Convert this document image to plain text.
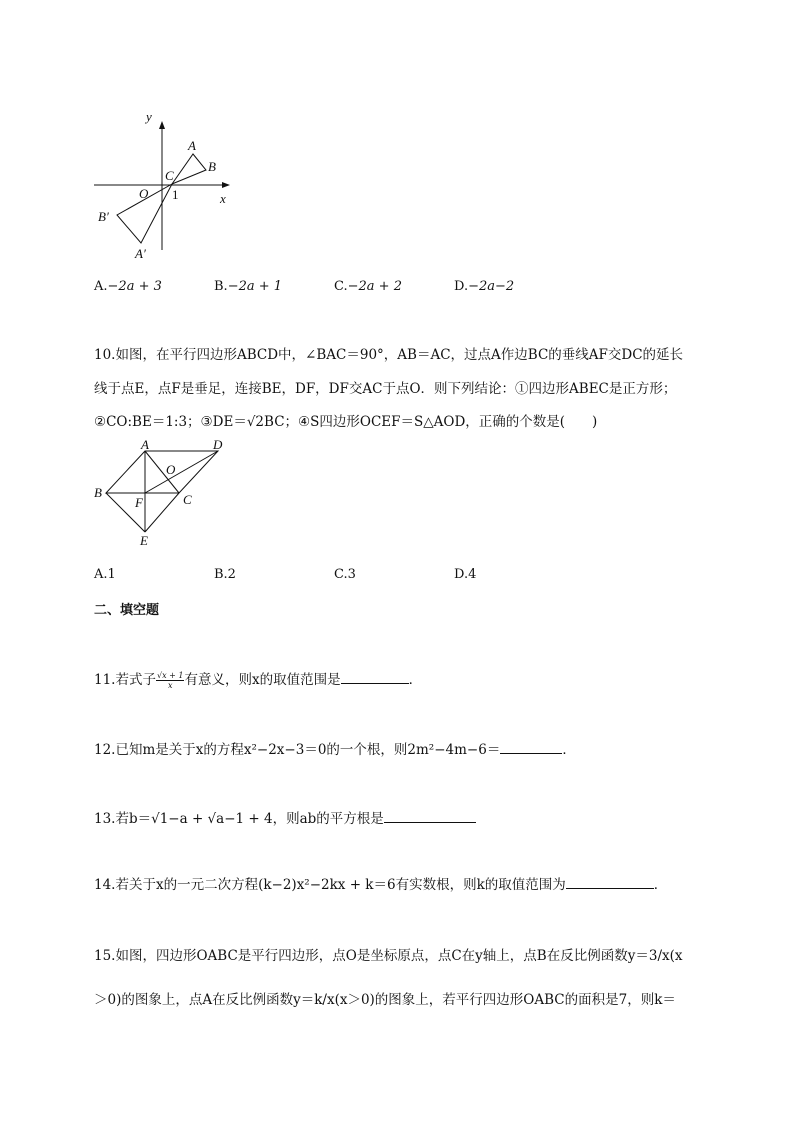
y
x
O 1
A
B
C
B′
A′
A.−2a + 3	B.−2a + 1	C.−2a + 2	D.−2a−2
10.如图，在平行四边形ABCD中，∠BAC＝90°，AB＝AC，过点A作边BC的垂线AF交DC的延长
线于点E，点F是垂足，连接BE，DF，DF交AC于点O．则下列结论：①四边形ABEC是正方形；
②CO:BE＝1:3；③DE＝√2BC；④S四边形OCEF＝S△AOD，正确的个数是(　　)
A	D
B	C
F
E
O
A.1	B.2	C.3	D.4
二、填空题
11.若式子 $\frac{√x + 1}{x}$ 有意义，则x的取值范围是	．
12.已知m是关于x的方程x²−2x−3＝0的一个根，则2m²−4m−6＝	．
13.若b＝√1−a + √a−1 + 4，则ab的平方根是
14.若关于x的一元二次方程(k−2)x²−2kx + k＝6有实数根，则k的取值范围为	．
15.如图，四边形OABC是平行四边形，点O是坐标原点，点C在y轴上，点B在反比例函数y＝3/x(x
＞0)的图象上，点A在反比例函数y＝k/x(x＞0)的图象上，若平行四边形OABC的面积是7，则k＝
